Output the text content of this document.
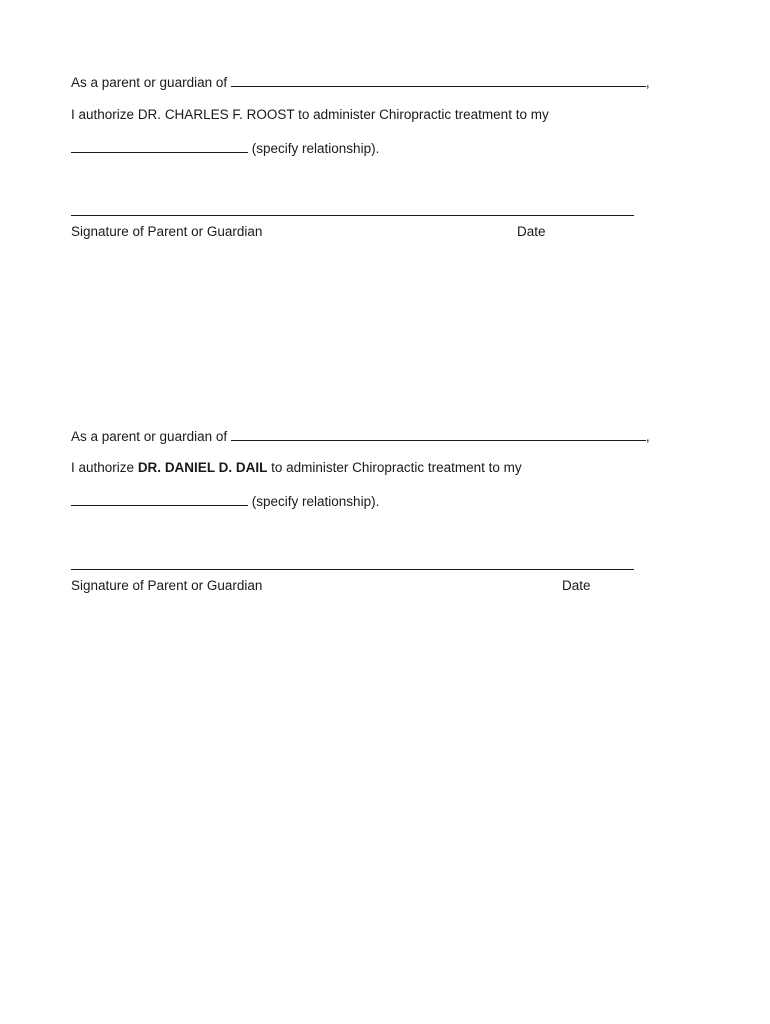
As a parent or guardian of	,
I authorize DR. CHARLES F. ROOST to administer Chiropractic treatment to my
(specify relationship).
Signature of Parent or Guardian	Date
As a parent or guardian of	,
I authorize DR. DANIEL D. DAIL to administer Chiropractic treatment to my
(specify relationship).
Signature of Parent or Guardian	Date
